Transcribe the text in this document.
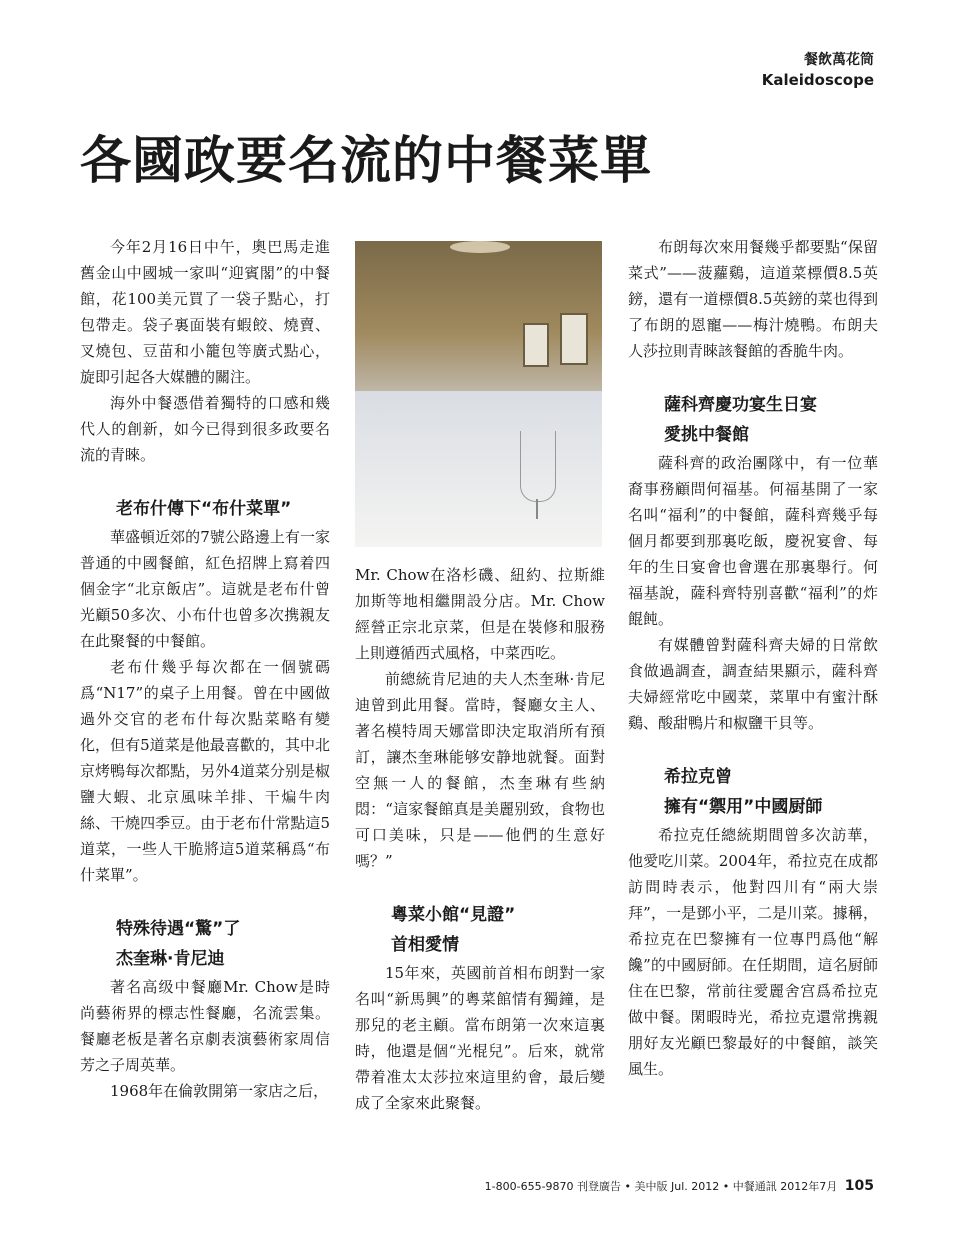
餐飲萬花筒
Kaleidoscope
各國政要名流的中餐菜單

今年2月16日中午，奧巴馬走進舊金山中國城一家叫“迎賓閣”的中餐館，花100美元買了一袋子點心，打包帶走。袋子裏面裝有蝦餃、燒賣、叉燒包、豆苗和小籠包等廣式點心，旋即引起各大媒體的關注。

海外中餐憑借着獨特的口感和幾代人的創新，如今已得到很多政要名流的青睞。

老布什傳下“布什菜單”

華盛頓近郊的7號公路邊上有一家普通的中國餐館，紅色招牌上寫着四個金字“北京飯店”。這就是老布什曾光顧50多次、小布什也曾多次携親友在此聚餐的中餐館。

老布什幾乎每次都在一個號碼爲“N17”的桌子上用餐。曾在中國做過外交官的老布什每次點菜略有變化，但有5道菜是他最喜歡的，其中北京烤鴨每次都點，另外4道菜分别是椒鹽大蝦、北京風味羊排、干煸牛肉絲、干燒四季豆。由于老布什常點這5道菜，一些人干脆將這5道菜稱爲“布什菜單”。

特殊待遇“驚”了
杰奎琳·肯尼迪

著名高级中餐廳Mr. Chow是時尚藝術界的標志性餐廳，名流雲集。餐廳老板是著名京劇表演藝術家周信芳之子周英華。

1968年在倫敦開第一家店之后，

Mr. Chow在洛杉磯、紐約、拉斯維加斯等地相繼開設分店。Mr. Chow經營正宗北京菜，但是在裝修和服務上則遵循西式風格，中菜西吃。

前總統肯尼迪的夫人杰奎琳·肯尼迪曾到此用餐。當時，餐廳女主人、著名模特周天娜當即決定取消所有預訂，讓杰奎琳能够安静地就餐。面對空無一人的餐館，杰奎琳有些納悶：“這家餐館真是美麗别致，食物也可口美味，只是——他們的生意好嗎？”

粵菜小館“見證”
首相愛情

15年來，英國前首相布朗對一家名叫“新馬興”的粵菜館情有獨鐘，是那兒的老主顧。當布朗第一次來這裏時，他還是個“光棍兒”。后來，就常帶着准太太莎拉來這里約會，最后變成了全家來此聚餐。

布朗每次來用餐幾乎都要點“保留菜式”——菠蘿鷄，這道菜標價8.5英鎊，還有一道標價8.5英鎊的菜也得到了布朗的恩寵——梅汁燒鴨。布朗夫人莎拉則青睞該餐館的香脆牛肉。

薩科齊慶功宴生日宴
愛挑中餐館

薩科齊的政治團隊中，有一位華裔事務顧問何福基。何福基開了一家名叫“福利”的中餐館，薩科齊幾乎每個月都要到那裏吃飯，慶祝宴會、每年的生日宴會也會選在那裏舉行。何福基說，薩科齊特别喜歡“福利”的炸餛飩。

有媒體曾對薩科齊夫婦的日常飲食做過調查，調查結果顯示，薩科齊夫婦經常吃中國菜，菜單中有蜜汁酥鷄、酸甜鴨片和椒鹽干貝等。

希拉克曾
擁有“禦用”中國厨師

希拉克任總統期間曾多次訪華，他愛吃川菜。2004年，希拉克在成都訪問時表示，他對四川有“兩大崇拜”，一是鄧小平，二是川菜。據稱，希拉克在巴黎擁有一位專門爲他“解饞”的中國厨師。在任期間，這名厨師住在巴黎，常前往愛麗舍宫爲希拉克做中餐。閑暇時光，希拉克還常携親朋好友光顧巴黎最好的中餐館，談笑風生。

1-800-655-9870 刊登廣告 • 美中版 Jul. 2012 • 中餐通訊 2012年7月 105
